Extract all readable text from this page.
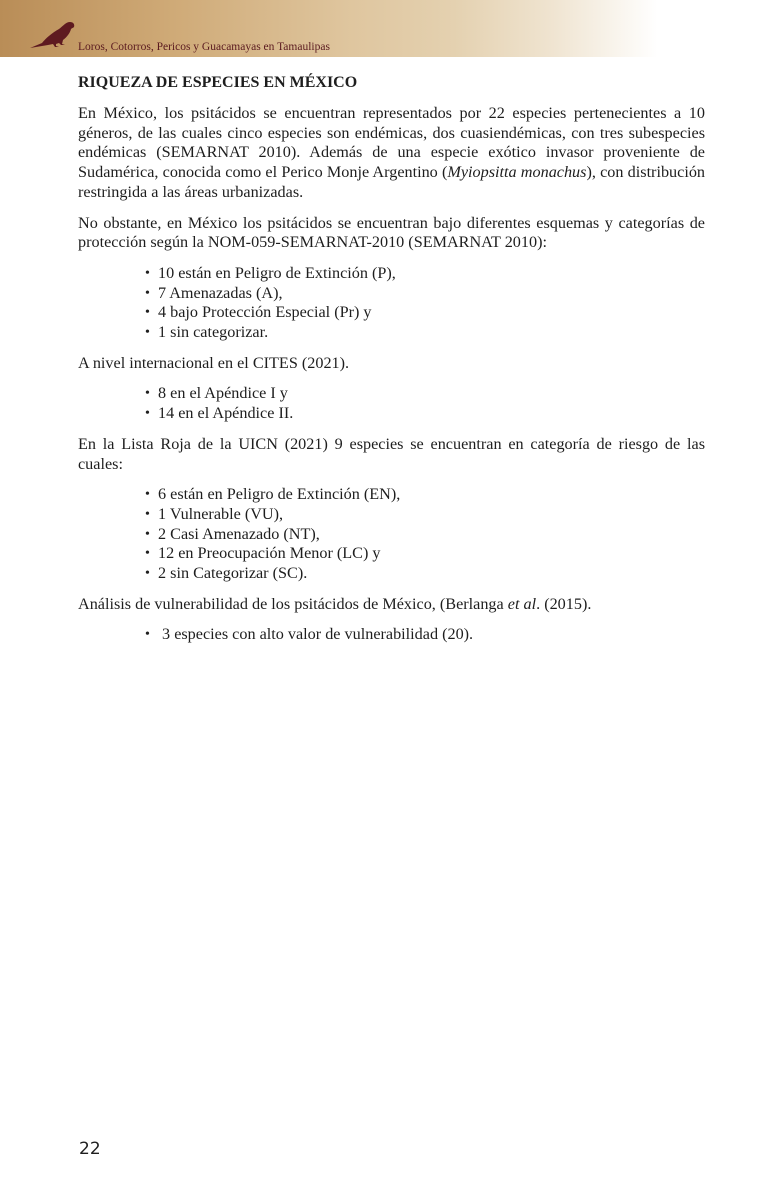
Loros, Cotorros, Pericos y Guacamayas en Tamaulipas
RIQUEZA DE ESPECIES EN MÉXICO

En México, los psitácidos se encuentran representados por 22 especies pertenecientes a 10 géneros, de las cuales cinco especies son endémicas, dos cuasiendémicas, con tres subespecies endémicas (SEMARNAT 2010). Además de una especie exótico invasor proveniente de Sudamérica, conocida como el Perico Monje Argentino (Myiopsitta monachus), con distribución restringida a las áreas urbanizadas.

No obstante, en México los psitácidos se encuentran bajo diferentes esquemas y categorías de protección según la NOM-059-SEMARNAT-2010 (SEMARNAT 2010):

• 10 están en Peligro de Extinción (P),
• 7 Amenazadas (A),
• 4 bajo Protección Especial (Pr) y
• 1 sin categorizar.

A nivel internacional en el CITES (2021).

• 8 en el Apéndice I y
• 14 en el Apéndice II.

En la Lista Roja de la UICN (2021) 9 especies se encuentran en categoría de riesgo de las cuales:

• 6 están en Peligro de Extinción (EN),
• 1 Vulnerable (VU),
• 2 Casi Amenazado (NT),
• 12 en Preocupación Menor (LC) y
• 2 sin Categorizar (SC).

Análisis de vulnerabilidad de los psitácidos de México, (Berlanga et al. (2015).

• 3 especies con alto valor de vulnerabilidad (20).
22
